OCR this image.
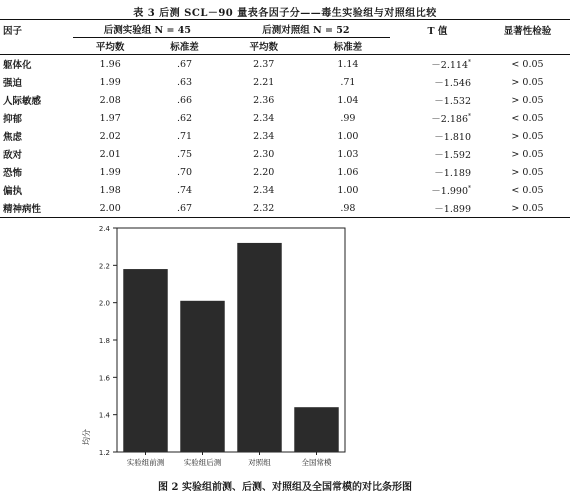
表 3 后测 SCL－90 量表各因子分——毒生实验组与对照组比较
因子	后测实验组 N = 45		后测对照组 N = 52		T 值	显著性检验
	平均数	标准差	平均数	标准差		
躯体化	1.96	.67	2.37	1.14	－2.114*	< 0.05
强迫	1.99	.63	2.21	.71	－1.546	> 0.05
人际敏感	2.08	.66	2.36	1.04	－1.532	> 0.05
抑郁	1.97	.62	2.34	.99	－2.186*	< 0.05
焦虑	2.02	.71	2.34	1.00	－1.810	> 0.05
敌对	2.01	.75	2.30	1.03	－1.592	> 0.05
恐怖	1.99	.70	2.20	1.06	－1.189	> 0.05
偏执	1.98	.74	2.34	1.00	－1.990*	< 0.05
精神病性	2.00	.67	2.32	.98	－1.899	> 0.05
1.2
1.4
1.6
1.8
2.0
2.2
2.4
均分
实验组前测	实验组后测	对照组	全国常模
图 2 实验组前测、后测、对照组及全国常模的对比条形图
